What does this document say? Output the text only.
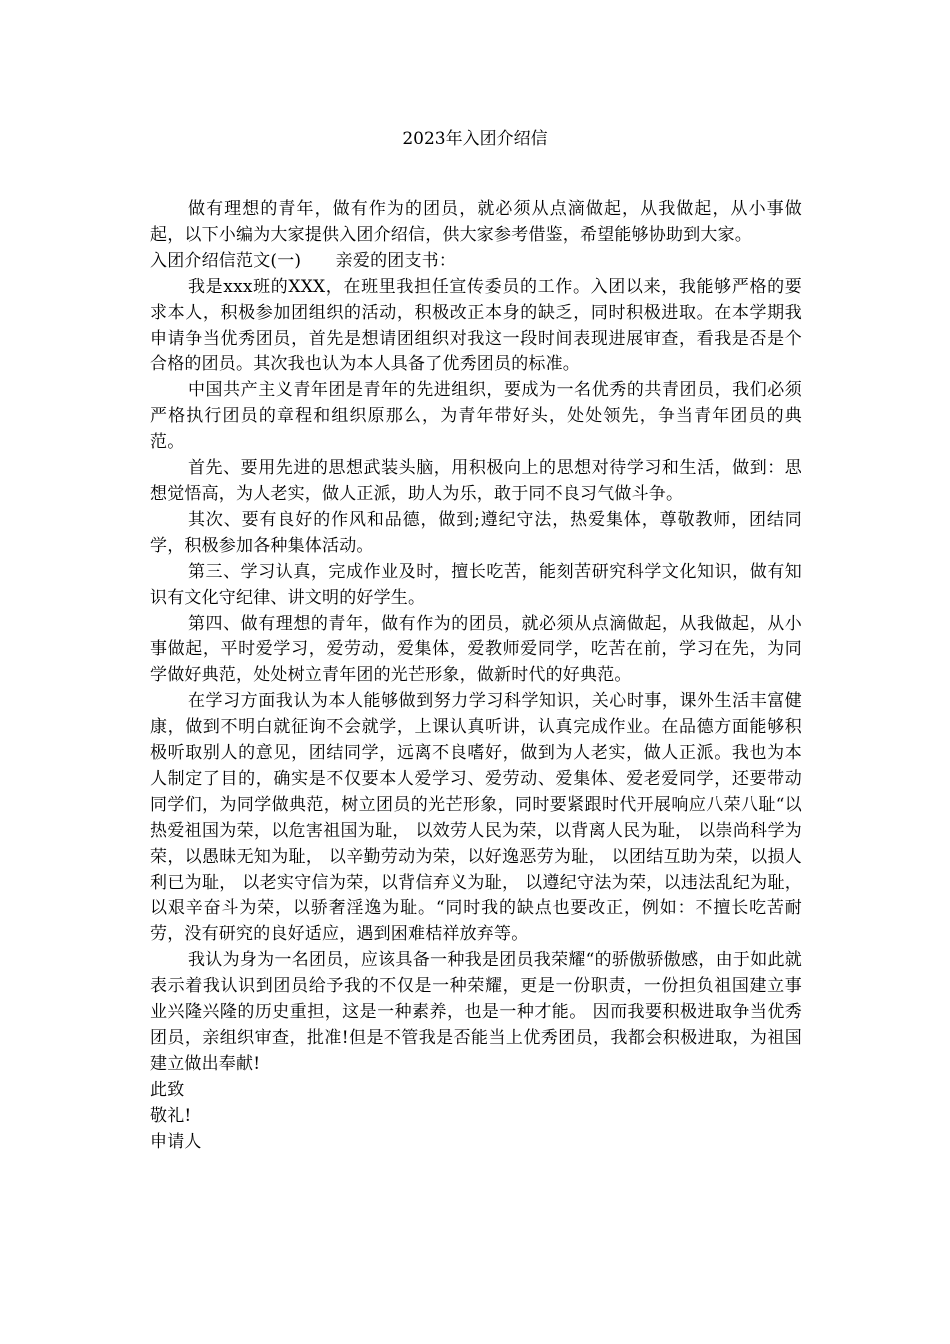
2023年入团介绍信

做有理想的青年，做有作为的团员，就必须从点滴做起，从我做起，从小事做起，以下小编为大家提供入团介绍信，供大家参考借鉴，希望能够协助到大家。

入团介绍信范文(一)　　亲爱的团支书：

我是xxx班的XXX，在班里我担任宣传委员的工作。入团以来，我能够严格的要求本人，积极参加团组织的活动，积极改正本身的缺乏，同时积极进取。在本学期我申请争当优秀团员，首先是想请团组织对我这一段时间表现进展审查，看我是否是个合格的团员。其次我也认为本人具备了优秀团员的标准。

中国共产主义青年团是青年的先进组织，要成为一名优秀的共青团员，我们必须严格执行团员的章程和组织原那么，为青年带好头，处处领先，争当青年团员的典范。

首先、要用先进的思想武装头脑，用积极向上的思想对待学习和生活，做到：思想觉悟高，为人老实，做人正派，助人为乐，敢于同不良习气做斗争。

其次、要有良好的作风和品德，做到;遵纪守法，热爱集体，尊敬教师，团结同学，积极参加各种集体活动。

第三、学习认真，完成作业及时，擅长吃苦，能刻苦研究科学文化知识，做有知识有文化守纪律、讲文明的好学生。

第四、做有理想的青年，做有作为的团员，就必须从点滴做起，从我做起，从小事做起，平时爱学习，爱劳动，爱集体，爱教师爱同学，吃苦在前，学习在先，为同学做好典范，处处树立青年团的光芒形象，做新时代的好典范。

在学习方面我认为本人能够做到努力学习科学知识，关心时事，课外生活丰富健康，做到不明白就征询不会就学，上课认真听讲，认真完成作业。在品德方面能够积极听取别人的意见，团结同学，远离不良嗜好，做到为人老实，做人正派。我也为本人制定了目的，确实是不仅要本人爱学习、爱劳动、爱集体、爱老爱同学，还要带动同学们，为同学做典范，树立团员的光芒形象，同时要紧跟时代开展响应八荣八耻“以热爱祖国为荣，以危害祖国为耻， 以效劳人民为荣，以背离人民为耻， 以崇尚科学为荣，以愚昧无知为耻， 以辛勤劳动为荣，以好逸恶劳为耻， 以团结互助为荣，以损人利已为耻， 以老实守信为荣，以背信弃义为耻， 以遵纪守法为荣，以违法乱纪为耻， 以艰辛奋斗为荣，以骄奢淫逸为耻。“同时我的缺点也要改正，例如：不擅长吃苦耐劳，没有研究的良好适应，遇到困难桔祥放弃等。

我认为身为一名团员，应该具备一种我是团员我荣耀“的骄傲骄傲感，由于如此就表示着我认识到团员给予我的不仅是一种荣耀，更是一份职责，一份担负祖国建立事业兴隆兴隆的历史重担，这是一种素养，也是一种才能。 因而我要积极进取争当优秀团员，亲组织审查，批准!但是不管我是否能当上优秀团员，我都会积极进取，为祖国建立做出奉献!

此致

敬礼!

申请人
